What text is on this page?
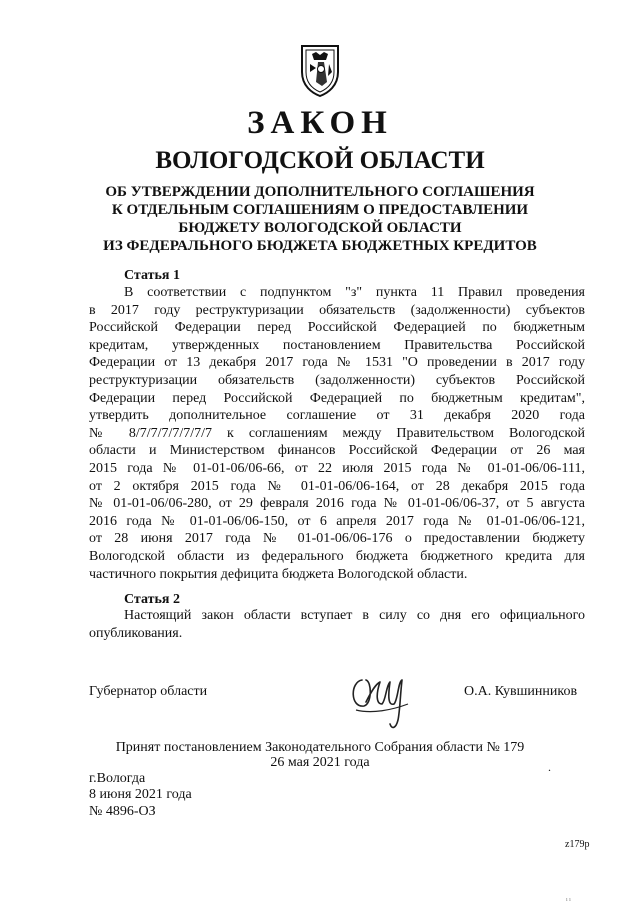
ЗАКОН
ВОЛОГОДСКОЙ ОБЛАСТИ
ОБ УТВЕРЖДЕНИИ ДОПОЛНИТЕЛЬНОГО СОГЛАШЕНИЯ
К ОТДЕЛЬНЫМ СОГЛАШЕНИЯМ О ПРЕДОСТАВЛЕНИИ
БЮДЖЕТУ ВОЛОГОДСКОЙ ОБЛАСТИ
ИЗ ФЕДЕРАЛЬНОГО БЮДЖЕТА БЮДЖЕТНЫХ КРЕДИТОВ
Статья 1
В соответствии с подпунктом "з" пункта 11 Правил проведения
в 2017 году реструктуризации обязательств (задолженности) субъектов
Российской Федерации перед Российской Федерацией по бюджетным
кредитам, утвержденных постановлением Правительства Российской
Федерации от 13 декабря 2017 года № 1531 "О проведении в 2017 году
реструктуризации обязательств (задолженности) субъектов Российской
Федерации перед Российской Федерацией по бюджетным кредитам",
утвердить дополнительное соглашение от 31 декабря 2020 года
№ 8/7/7/7/7/7/7/7 к соглашениям между Правительством Вологодской
области и Министерством финансов Российской Федерации от 26 мая
2015 года № 01-01-06/06-66, от 22 июля 2015 года № 01-01-06/06-111,
от 2 октября 2015 года № 01-01-06/06-164, от 28 декабря 2015 года
№ 01-01-06/06-280, от 29 февраля 2016 года № 01-01-06/06-37, от 5 августа
2016 года № 01-01-06/06-150, от 6 апреля 2017 года № 01-01-06/06-121,
от 28 июня 2017 года № 01-01-06/06-176 о предоставлении бюджету
Вологодской области из федерального бюджета бюджетного кредита для
частичного покрытия дефицита бюджета Вологодской области.
Статья 2
Настоящий закон области вступает в силу со дня его официального
опубликования.
Губернатор области	О.А. Кувшинников
Принят постановлением Законодательного Собрания области № 179
26 мая 2021 года	.
г.Вологда
8 июня 2021 года
№ 4896-ОЗ
z179p
ı ı
